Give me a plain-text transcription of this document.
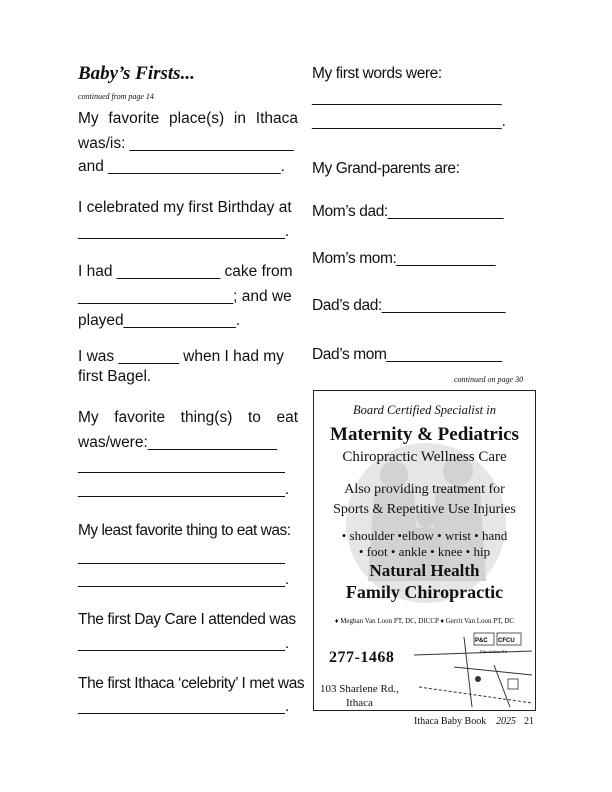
Baby’s Firsts...
continued from page 14
My favorite place(s) in Ithaca
was/is: ___________________
and ____________________.
I celebrated my first Birthday at
________________________.
I had ____________ cake from
__________________; and we
played_____________.
I was _______ when I had my
first Bagel.
My favorite thing(s) to eat
was/were:_______________
________________________
________________________.
My least favorite thing to eat was:
________________________
________________________.
The first Day Care I attended was
________________________.
The first Ithaca ‘celebrity’ I met was
________________________.
My first words were:
______________________
______________________.
My Grand-parents are:
Mom’s dad:______________
Mom’s mom:____________
Dad’s dad:_______________
Dad’s mom______________
continued on page 30
Board Certified Specialist in
Maternity & Pediatrics
Chiropractic Wellness Care
Also providing treatment for
Sports & Repetitive Use Injuries
• shoulder •elbow • wrist • hand
• foot • ankle • knee • hip
Natural Health
Family Chiropractic
♦ Meghan Van Loon PT, DC, DICCP ♦ Gerrit Van Loon PT, DC
277-1468
103 Sharlene Rd.,
Ithaca
P&C CFCU
Ellis Hollow Rd
Ithaca Baby Book 2025 21
